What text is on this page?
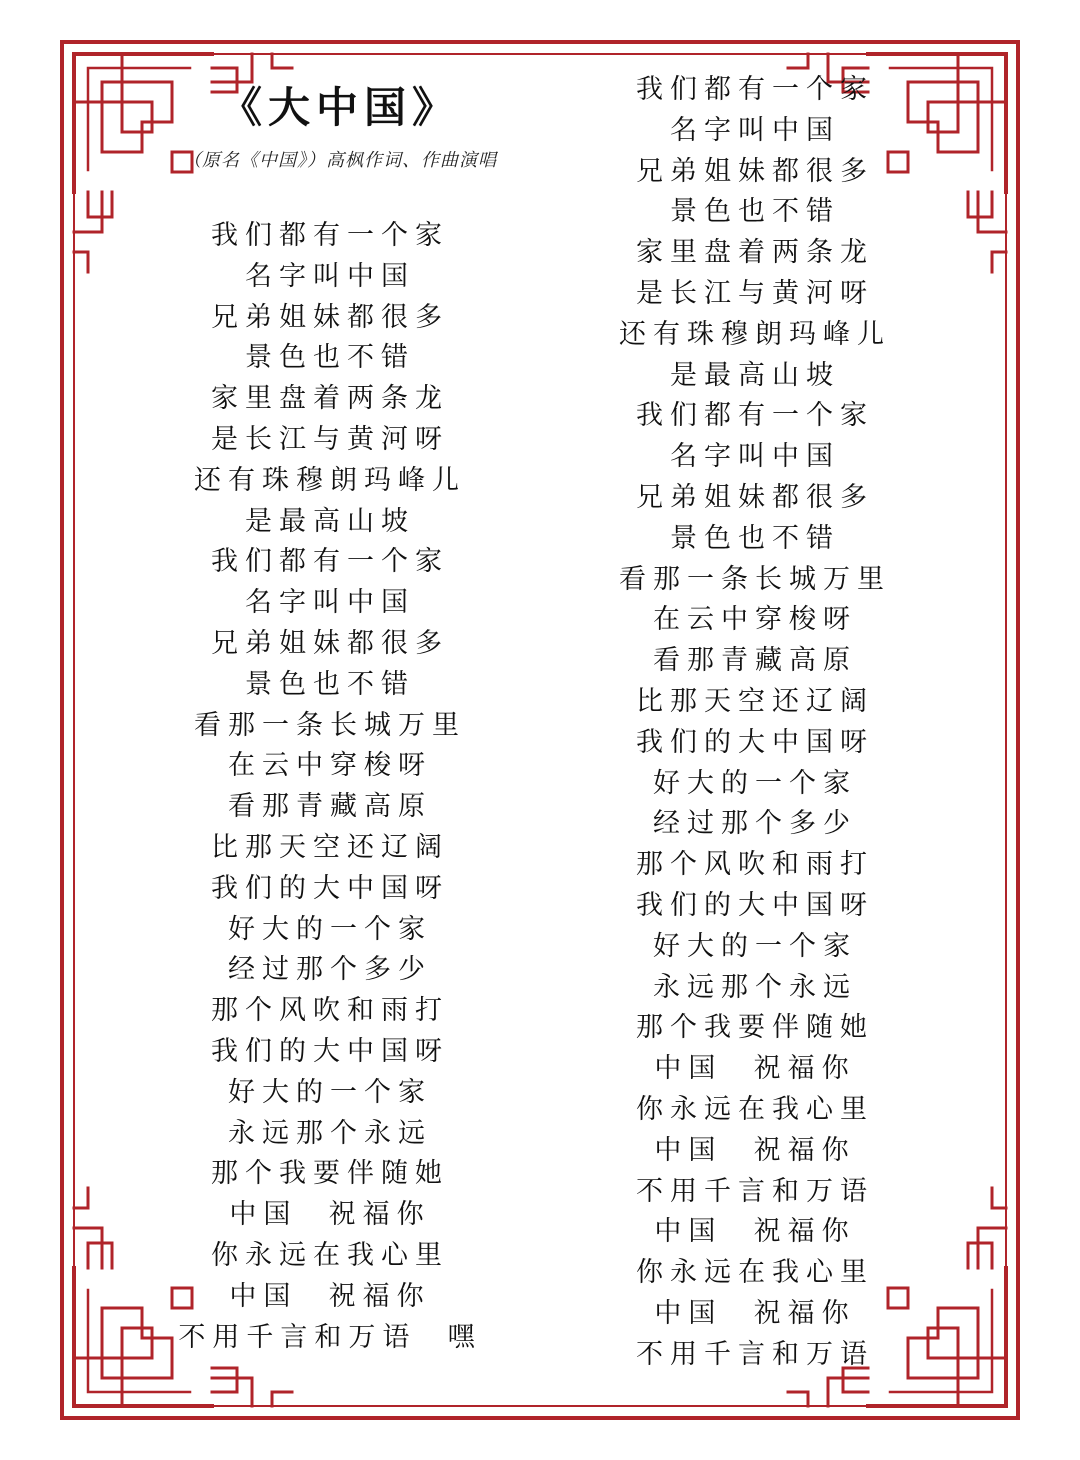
《大中国》
（原名《中国》）高枫作词、作曲演唱
我们都有一个家
名字叫中国
兄弟姐妹都很多
景色也不错
家里盘着两条龙
是长江与黄河呀
还有珠穆朗玛峰儿
是最高山坡
我们都有一个家
名字叫中国
兄弟姐妹都很多
景色也不错
看那一条长城万里
在云中穿梭呀
看那青藏高原
比那天空还辽阔
我们的大中国呀
好大的一个家
经过那个多少
那个风吹和雨打
我们的大中国呀
好大的一个家
永远那个永远
那个我要伴随她
中国  祝福你
你永远在我心里
中国  祝福你
不用千言和万语  嘿
我们都有一个家
名字叫中国
兄弟姐妹都很多
景色也不错
家里盘着两条龙
是长江与黄河呀
还有珠穆朗玛峰儿
是最高山坡
我们都有一个家
名字叫中国
兄弟姐妹都很多
景色也不错
看那一条长城万里
在云中穿梭呀
看那青藏高原
比那天空还辽阔
我们的大中国呀
好大的一个家
经过那个多少
那个风吹和雨打
我们的大中国呀
好大的一个家
永远那个永远
那个我要伴随她
中国  祝福你
你永远在我心里
中国  祝福你
不用千言和万语
中国  祝福你
你永远在我心里
中国  祝福你
不用千言和万语
